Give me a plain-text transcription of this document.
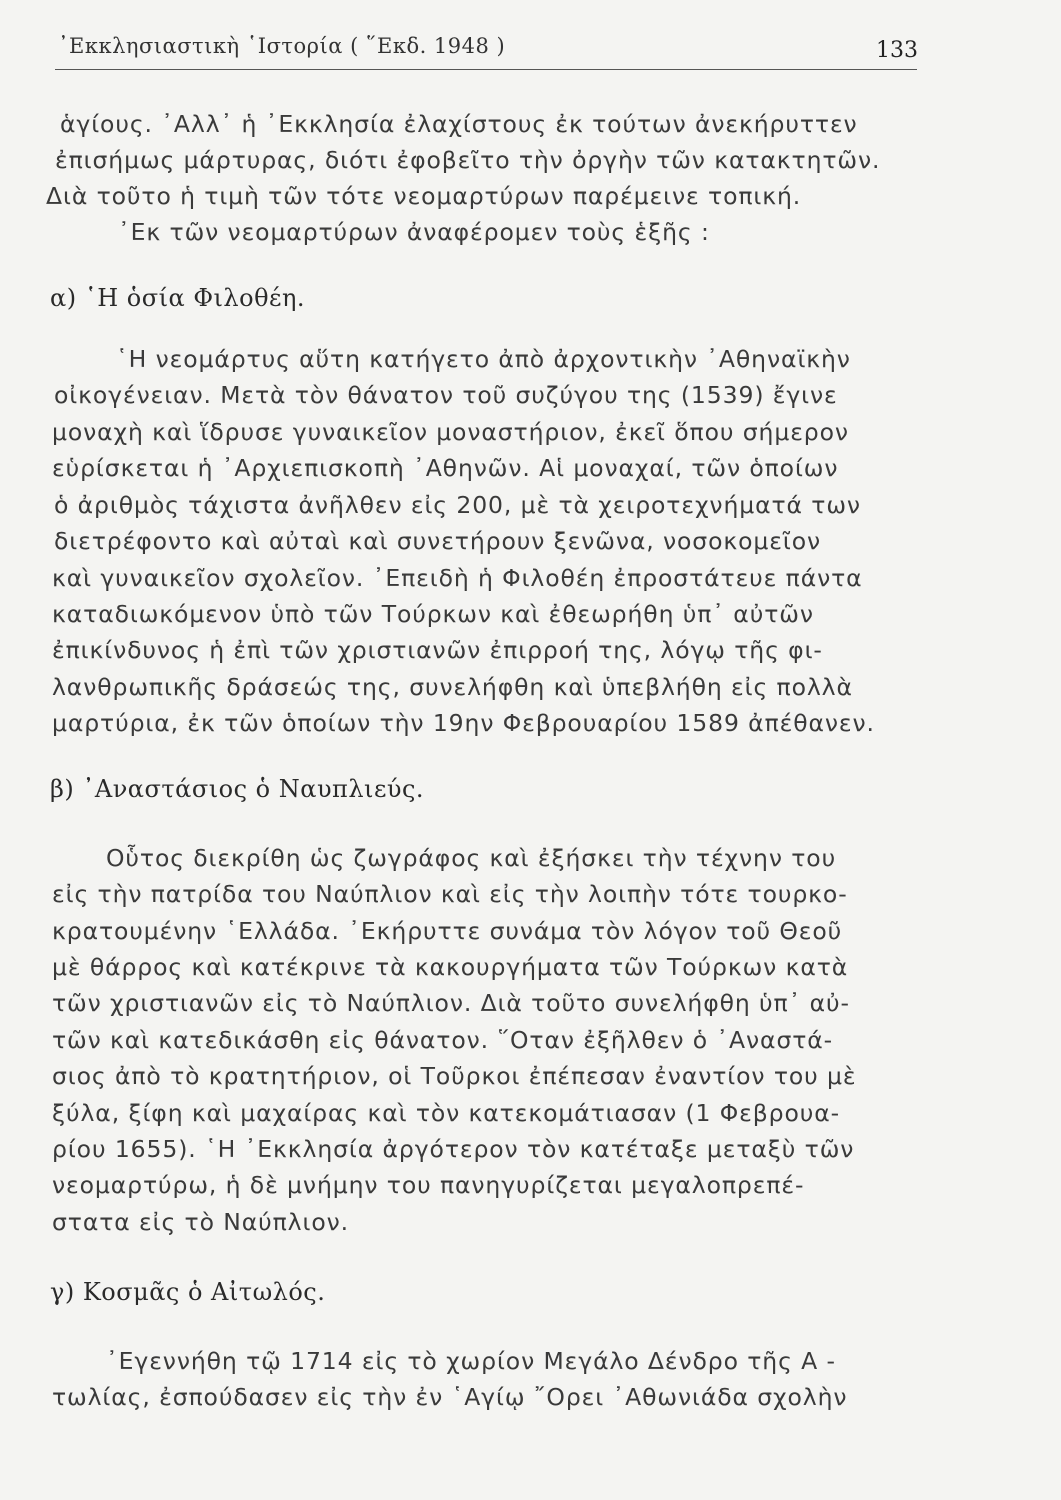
᾿Εκκλησιαστικὴ ῾Ιστορία ( ῞Εκδ. 1948 )	133
ἁγίους. ᾿Αλλ᾿ ἡ ᾿Εκκλησία ἐλαχίστους ἐκ τούτων ἀνεκήρυττεν
ἐπισήμως μάρτυρας, διότι ἐφοβεῖτο τὴν ὀργὴν τῶν κατακτητῶν.
Διὰ τοῦτο ἡ τιμὴ τῶν τότε νεομαρτύρων παρέμεινε τοπική.
᾿Εκ τῶν νεομαρτύρων ἀναφέρομεν τοὺς ἑξῆς :
α) ῾Η ὁσία Φιλοθέη.
῾Η νεομάρτυς αὕτη κατήγετο ἀπὸ ἀρχοντικὴν ᾿Αθηναϊκὴν
οἰκογένειαν. Μετὰ τὸν θάνατον τοῦ συζύγου της (1539) ἔγινε
μοναχὴ καὶ ἵδρυσε γυναικεῖον μοναστήριον, ἐκεῖ ὅπου σήμερον
εὑρίσκεται ἡ ᾿Αρχιεπισκοπὴ ᾿Αθηνῶν. Αἱ μοναχαί, τῶν ὁποίων
ὁ ἀριθμὸς τάχιστα ἀνῆλθεν εἰς 200, μὲ τὰ χειροτεχνήματά των
διετρέφοντο καὶ αὐταὶ καὶ συνετήρουν ξενῶνα, νοσοκομεῖον
καὶ γυναικεῖον σχολεῖον. ᾿Επειδὴ ἡ Φιλοθέη ἐπροστάτευε πάντα
καταδιωκόμενον ὑπὸ τῶν Τούρκων καὶ ἐθεωρήθη ὑπ᾿ αὐτῶν
ἐπικίνδυνος ἡ ἐπὶ τῶν χριστιανῶν ἐπιρροή της, λόγῳ τῆς φι-
λανθρωπικῆς δράσεώς της, συνελήφθη καὶ ὑπεβλήθη εἰς πολλὰ
μαρτύρια, ἐκ τῶν ὁποίων τὴν 19ην Φεβρουαρίου 1589 ἀπέθανεν.
β) ᾿Αναστάσιος ὁ Ναυπλιεύς.
Οὗτος διεκρίθη ὡς ζωγράφος καὶ ἐξήσκει τὴν τέχνην του
εἰς τὴν πατρίδα του Ναύπλιον καὶ εἰς τὴν λοιπὴν τότε τουρκο-
κρατουμένην ῾Ελλάδα. ᾿Εκήρυττε συνάμα τὸν λόγον τοῦ Θεοῦ
μὲ θάρρος καὶ κατέκρινε τὰ κακουργήματα τῶν Τούρκων κατὰ
τῶν χριστιανῶν εἰς τὸ Ναύπλιον. Διὰ τοῦτο συνελήφθη ὑπ᾿ αὐ-
τῶν καὶ κατεδικάσθη εἰς θάνατον. ῞Οταν ἐξῆλθεν ὁ ᾿Αναστά-
σιος ἀπὸ τὸ κρατητήριον, οἱ Τοῦρκοι ἐπέπεσαν ἐναντίον του μὲ
ξύλα, ξίφη καὶ μαχαίρας καὶ τὸν κατεκομάτιασαν (1 Φεβρουα-
ρίου 1655). ῾Η ᾿Εκκλησία ἀργότερον τὸν κατέταξε μεταξὺ τῶν
νεομαρτύρω, ἡ δὲ μνήμην του πανηγυρίζεται μεγαλοπρεπέ-
στατα εἰς τὸ Ναύπλιον.
γ) Κοσμᾶς ὁ Αἰτωλός.
᾿Εγεννήθη τῷ 1714 εἰς τὸ χωρίον Μεγάλο Δένδρο τῆς Α -
τωλίας, ἐσπούδασεν εἰς τὴν ἐν ῾Αγίῳ ῎Ορει ᾿Αθωνιάδα σχολὴν
